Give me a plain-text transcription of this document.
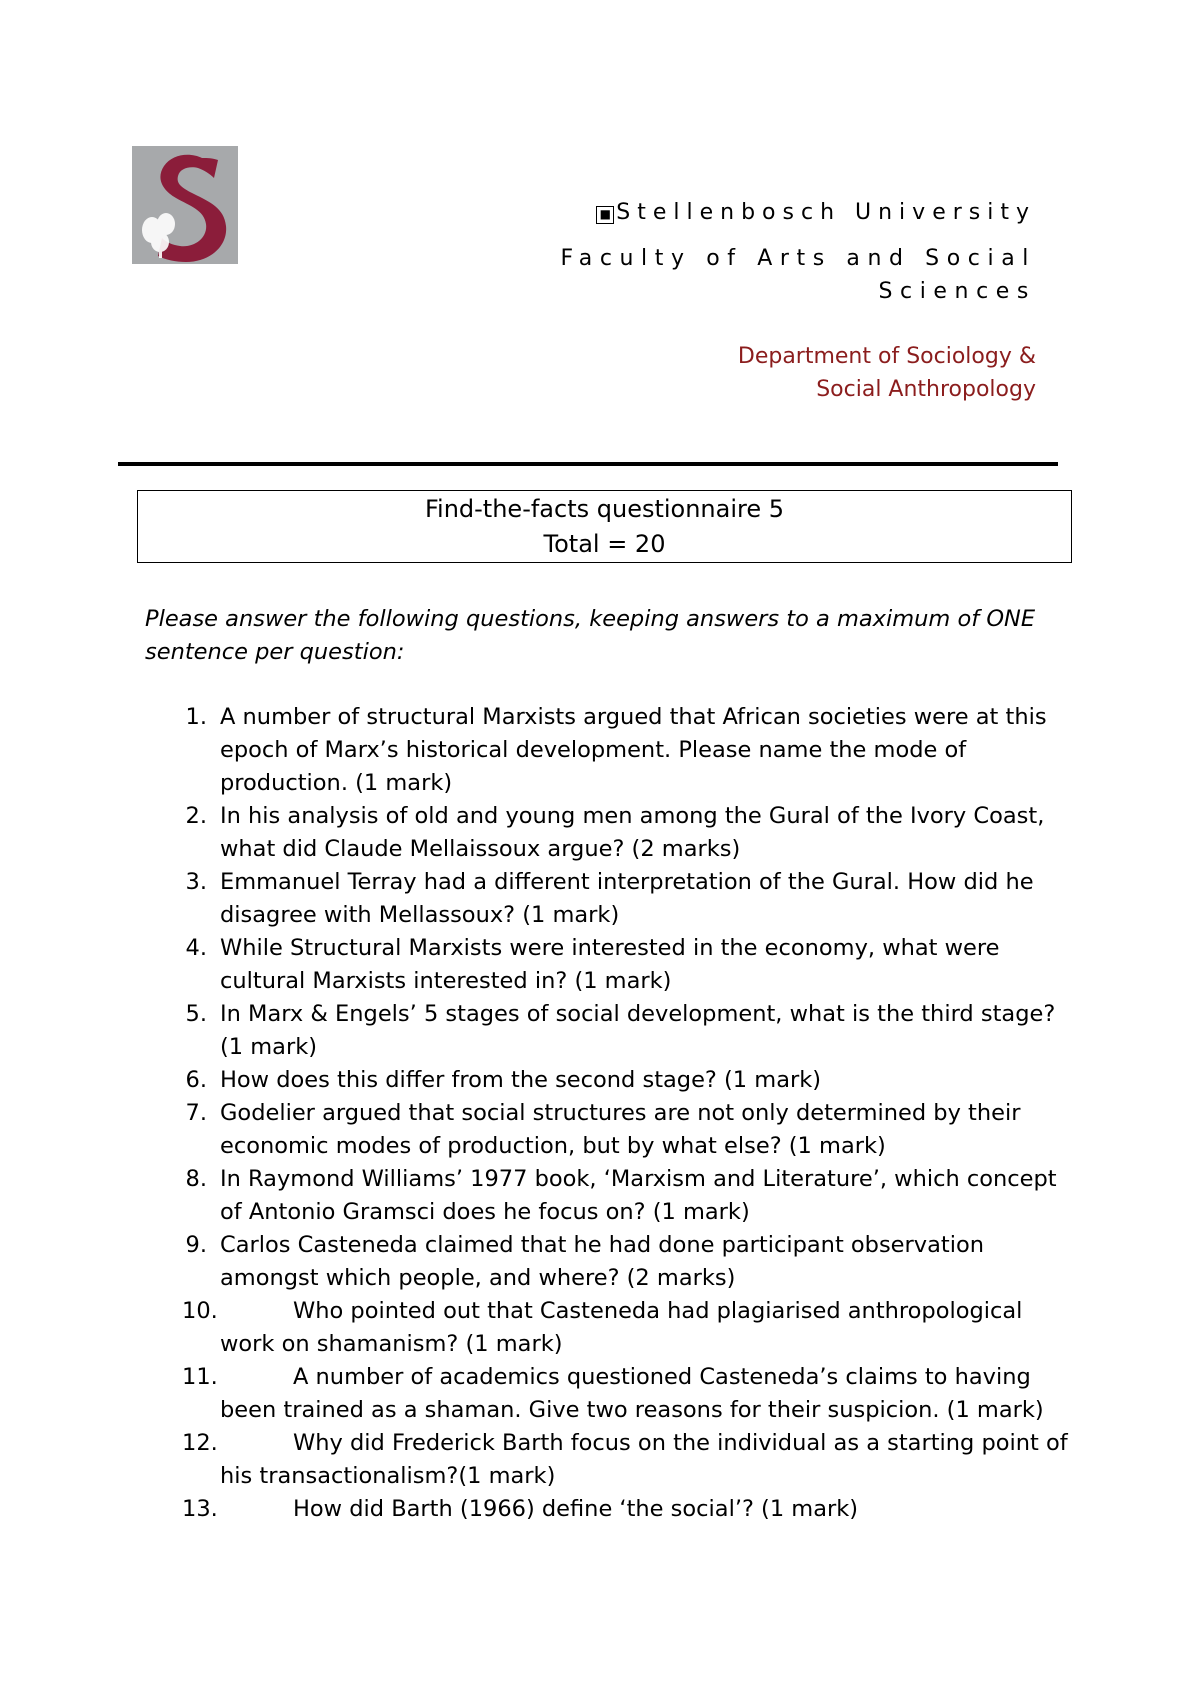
■ Stellenbosch University
Faculty of Arts and Social Sciences
Department of Sociology &
Social Anthropology
Find-the-facts questionnaire 5
Total = 20

Please answer the following questions, keeping answers to a maximum of ONE sentence per question:

1. A number of structural Marxists argued that African societies were at this epoch of Marx’s historical development. Please name the mode of production. (1 mark)
2. In his analysis of old and young men among the Gural of the Ivory Coast, what did Claude Mellaissoux argue? (2 marks)
3. Emmanuel Terray had a different interpretation of the Gural. How did he disagree with Mellassoux? (1 mark)
4. While Structural Marxists were interested in the economy, what were cultural Marxists interested in? (1 mark)
5. In Marx & Engels’ 5 stages of social development, what is the third stage? (1 mark)
6. How does this differ from the second stage? (1 mark)
7. Godelier argued that social structures are not only determined by their economic modes of production, but by what else? (1 mark)
8. In Raymond Williams’ 1977 book, ‘Marxism and Literature’, which concept of Antonio Gramsci does he focus on? (1 mark)
9. Carlos Casteneda claimed that he had done participant observation amongst which people, and where? (2 marks)
10.	Who pointed out that Casteneda had plagiarised anthropological work on shamanism? (1 mark)
11.	A number of academics questioned Casteneda’s claims to having been trained as a shaman. Give two reasons for their suspicion. (1 mark)
12.	Why did Frederick Barth focus on the individual as a starting point of his transactionalism?(1 mark)
13.	How did Barth (1966) define ‘the social’? (1 mark)
